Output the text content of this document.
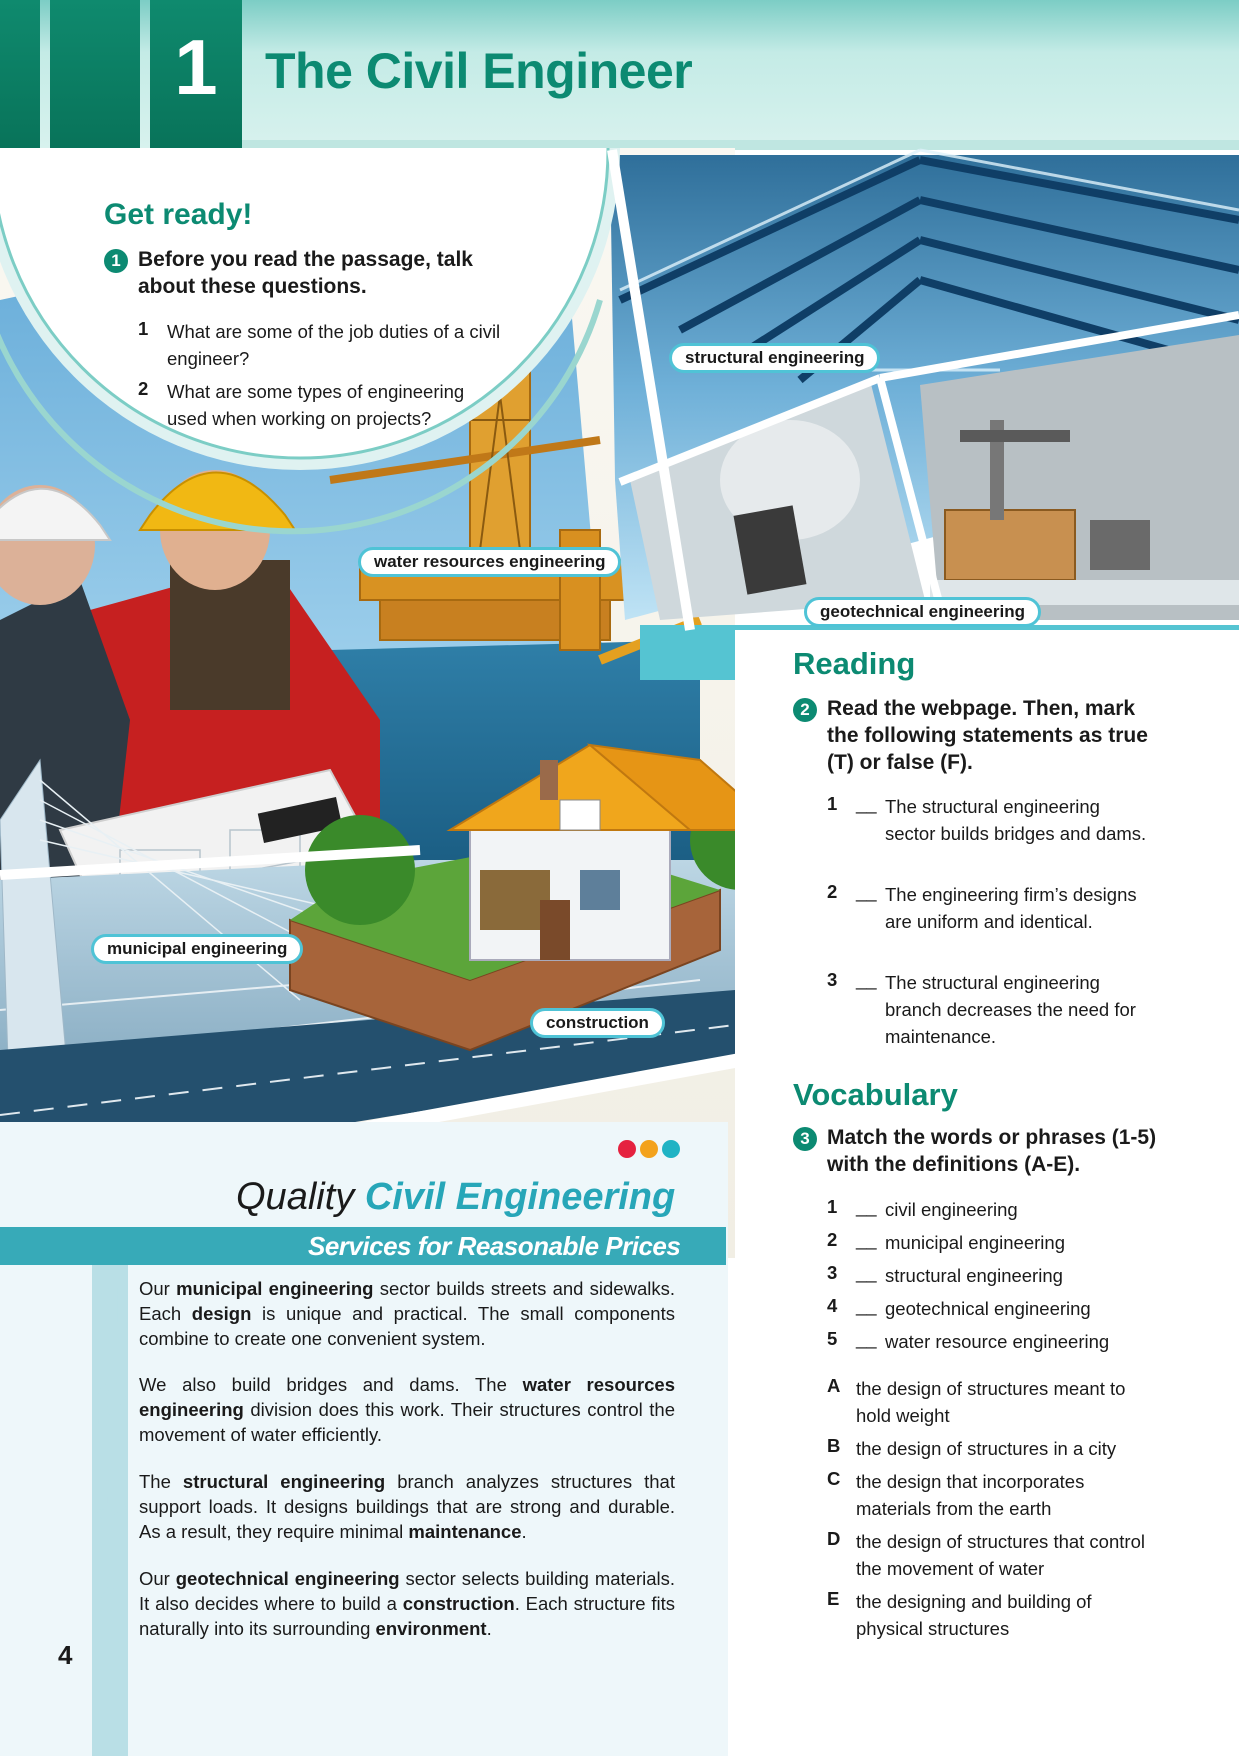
1 The Civil Engineer
Get ready!
1 Before you read the passage, talk about these questions.
1 What are some of the job duties of a civil engineer?
2 What are some types of engineering used when working on projects?
structural engineering
water resources engineering
geotechnical engineering
municipal engineering
construction
Reading
2 Read the webpage. Then, mark the following statements as true (T) or false (F).
1 __ The structural engineering sector builds bridges and dams.
2 __ The engineering firm’s designs are uniform and identical.
3 __ The structural engineering branch decreases the need for maintenance.
Vocabulary
3 Match the words or phrases (1-5) with the definitions (A-E).
1 __ civil engineering
2 __ municipal engineering
3 __ structural engineering
4 __ geotechnical engineering
5 __ water resource engineering
A the design of structures meant to hold weight
B the design of structures in a city
C the design that incorporates materials from the earth
D the design of structures that control the movement of water
E the designing and building of physical structures
Quality Civil Engineering
Services for Reasonable Prices
1 Our municipal engineering sector builds streets and sidewalks. Each design is unique and practical. The small components combine to create one convenient system.
2 We also build bridges and dams. The water resources engineering division does this work. Their structures control the movement of water efficiently.
3 The structural engineering branch analyzes structures that support loads. It designs buildings that are strong and durable. As a result, they require minimal maintenance.
4 Our geotechnical engineering sector selects building materials. It also decides where to build a construction. Each structure fits naturally into its surrounding environment.
4
